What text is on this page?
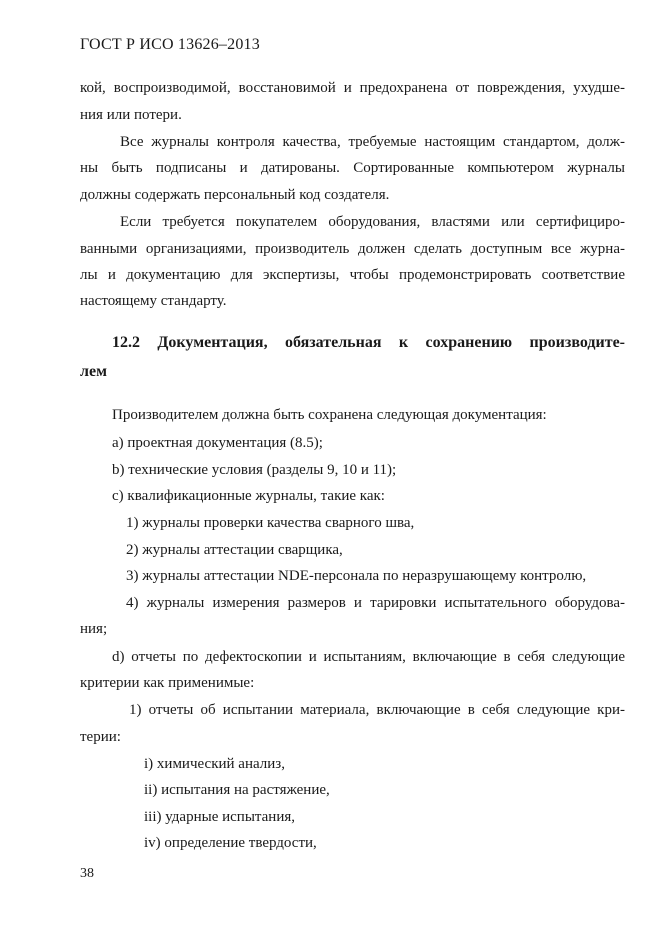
ГОСТ Р ИСО 13626–2013
кой, воспроизводимой, восстановимой и предохранена от повреждения, ухудше-
ния или потери.
Все журналы контроля качества, требуемые настоящим стандартом, долж-
ны быть подписаны и датированы. Сортированные компьютером журналы
должны содержать персональный код создателя.
Если требуется покупателем оборудования, властями или сертифициро-
ванными организациями, производитель должен сделать доступным все журна-
лы и документацию для экспертизы, чтобы продемонстрировать соответствие
настоящему стандарту.
12.2 Документация, обязательная к сохранению производите-
лем
Производителем должна быть сохранена следующая документация:
а) проектная документация (8.5);
b) технические условия (разделы 9, 10 и 11);
с) квалификационные журналы, такие как:
1) журналы проверки качества сварного шва,
2) журналы аттестации сварщика,
3) журналы аттестации NDE-персонала по неразрушающему контролю,
4) журналы измерения размеров и тарировки испытательного оборудова-
ния;
d) отчеты по дефектоскопии и испытаниям, включающие в себя следующие
критерии как применимые:
1) отчеты об испытании материала, включающие в себя следующие кри-
терии:
i) химический анализ,
ii) испытания на растяжение,
iii) ударные испытания,
iv) определение твердости,
38
